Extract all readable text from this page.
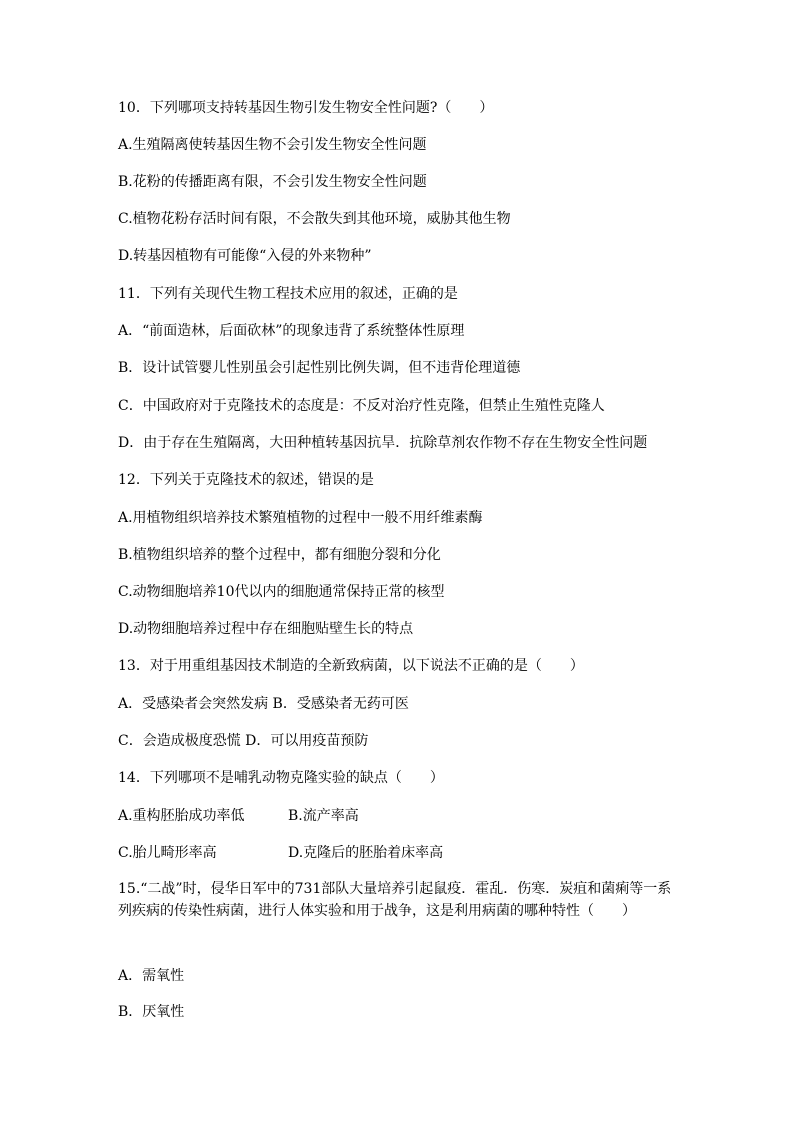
10．下列哪项支持转基因生物引发生物安全性问题?（　　）
A.生殖隔离使转基因生物不会引发生物安全性问题
B.花粉的传播距离有限，不会引发生物安全性问题
C.植物花粉存活时间有限，不会散失到其他环境，威胁其他生物
D.转基因植物有可能像“入侵的外来物种”
11．下列有关现代生物工程技术应用的叙述，正确的是
A．“前面造林，后面砍林”的现象违背了系统整体性原理
B．设计试管婴儿性别虽会引起性别比例失调，但不违背伦理道德
C．中国政府对于克隆技术的态度是：不反对治疗性克隆，但禁止生殖性克隆人
D．由于存在生殖隔离，大田种植转基因抗旱．抗除草剂农作物不存在生物安全性问题
12．下列关于克隆技术的叙述，错误的是
A.用植物组织培养技术繁殖植物的过程中一般不用纤维素酶
B.植物组织培养的整个过程中，都有细胞分裂和分化
C.动物细胞培养10代以内的细胞通常保持正常的核型
D.动物细胞培养过程中存在细胞贴壁生长的特点
13．对于用重组基因技术制造的全新致病菌，以下说法不正确的是（　　）
A．受感染者会突然发病 B．受感染者无药可医
C．会造成极度恐慌 D．可以用疫苗预防
14．下列哪项不是哺乳动物克隆实验的缺点（　　）
A.重构胚胎成功率低	B.流产率高
C.胎儿畸形率高	D.克隆后的胚胎着床率高
15.“二战”时，侵华日军中的731部队大量培养引起鼠疫．霍乱．伤寒．炭疽和菌痢等一系列疾病的传染性病菌，进行人体实验和用于战争，这是利用病菌的哪种特性（　　）
A．需氧性
B．厌氧性
